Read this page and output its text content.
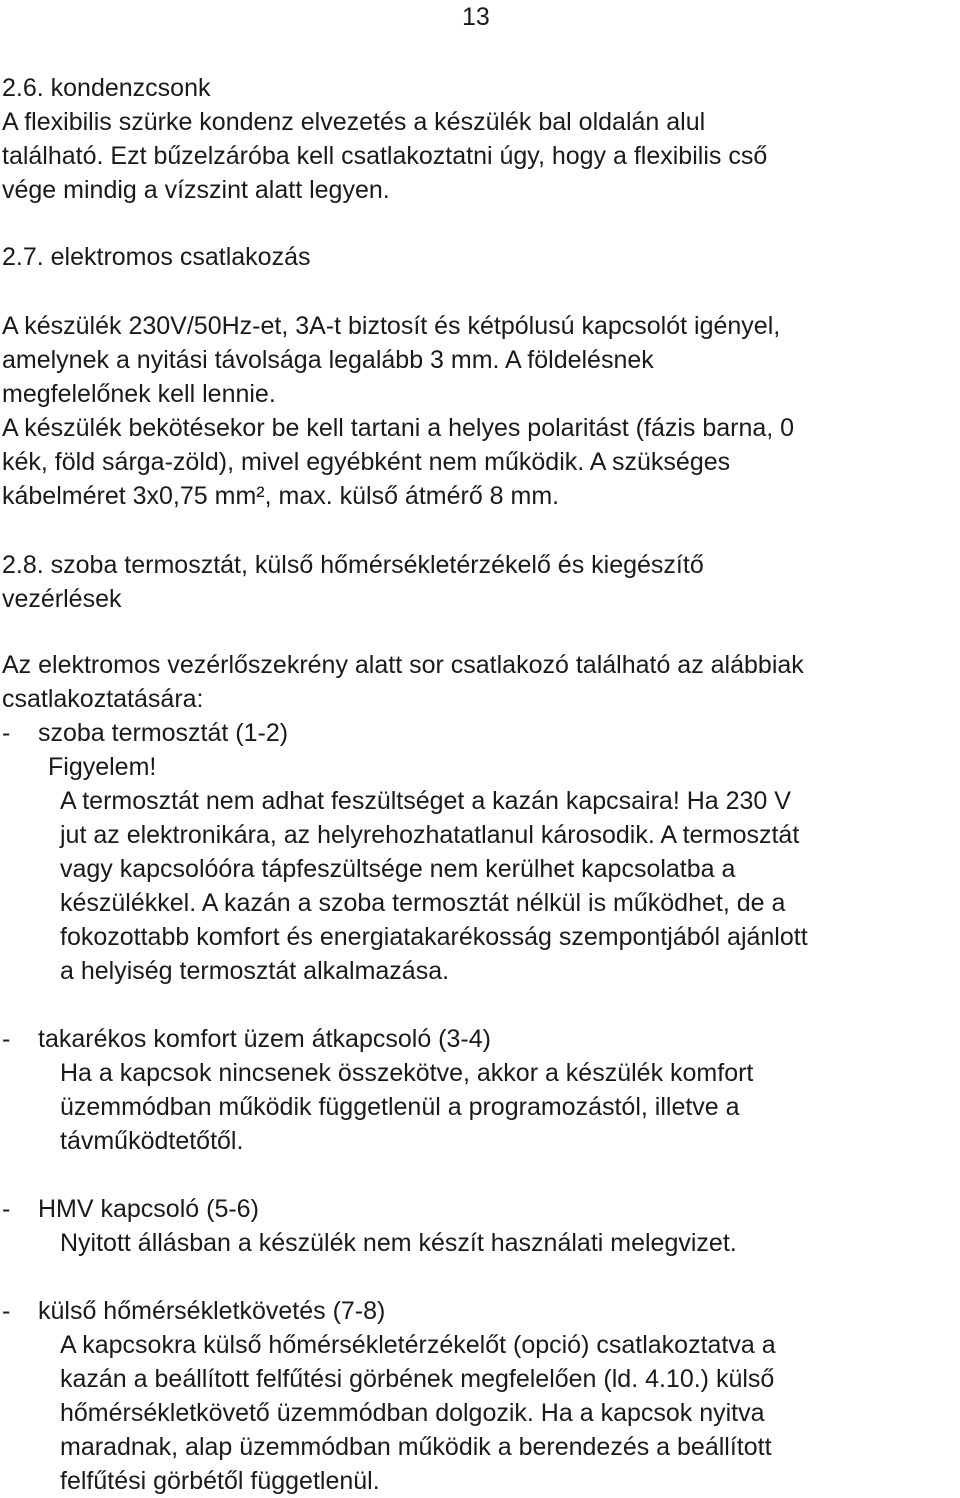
13
2.6. kondenzcsonk
A flexibilis szürke kondenz elvezetés a készülék bal oldalán alul
található. Ezt bűzelzáróba kell csatlakoztatni úgy, hogy a flexibilis cső
vége mindig a vízszint alatt legyen.
2.7. elektromos csatlakozás
A készülék 230V/50Hz-et, 3A-t biztosít és kétpólusú kapcsolót igényel,
amelynek a nyitási távolsága legalább 3 mm. A földelésnek
megfelelőnek kell lennie.
A készülék bekötésekor be kell tartani a helyes polaritást (fázis barna, 0
kék, föld sárga-zöld), mivel egyébként nem működik. A szükséges
kábelméret 3x0,75 mm², max. külső átmérő 8 mm.
2.8. szoba termosztát, külső hőmérsékletérzékelő és kiegészítő
vezérlések
Az elektromos vezérlőszekrény alatt sor csatlakozó található az alábbiak
csatlakoztatására:
- szoba termosztát (1-2)
Figyelem!
A termosztát nem adhat feszültséget a kazán kapcsaira! Ha 230 V
jut az elektronikára, az helyrehozhatatlanul károsodik. A termosztát
vagy kapcsolóóra tápfeszültsége nem kerülhet kapcsolatba a
készülékkel. A kazán a szoba termosztát nélkül is működhet, de a
fokozottabb komfort és energiatakarékosság szempontjából ajánlott
a helyiség termosztát alkalmazása.
- takarékos komfort üzem átkapcsoló (3-4)
Ha a kapcsok nincsenek összekötve, akkor a készülék komfort
üzemmódban működik függetlenül a programozástól, illetve a
távműködtetőtől.
- HMV kapcsoló (5-6)
Nyitott állásban a készülék nem készít használati melegvizet.
- külső hőmérsékletkövetés (7-8)
A kapcsokra külső hőmérsékletérzékelőt (opció) csatlakoztatva a
kazán a beállított felfűtési görbének megfelelően (ld. 4.10.) külső
hőmérsékletkövető üzemmódban dolgozik. Ha a kapcsok nyitva
maradnak, alap üzemmódban működik a berendezés a beállított
felfűtési görbétől függetlenül.
